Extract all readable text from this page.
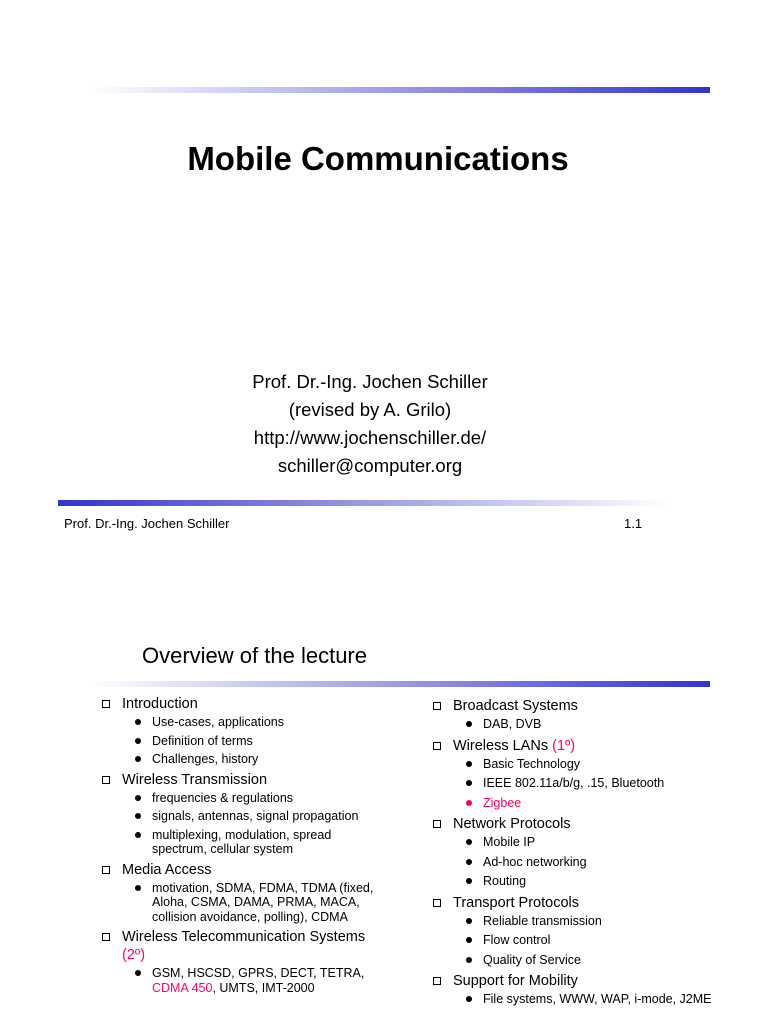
Mobile Communications
Prof. Dr.-Ing. Jochen Schiller
(revised by A. Grilo)
http://www.jochenschiller.de/
schiller@computer.org
Prof. Dr.-Ing. Jochen Schiller	1.1
Overview of the lecture
Introduction
Use-cases, applications
Definition of terms
Challenges, history
Wireless Transmission
frequencies & regulations
signals, antennas, signal propagation
multiplexing, modulation, spread spectrum, cellular system
Media Access
motivation, SDMA, FDMA, TDMA (fixed, Aloha, CSMA, DAMA, PRMA, MACA, collision avoidance, polling), CDMA
Wireless Telecommunication Systems (2º)
GSM, HSCSD, GPRS, DECT, TETRA, CDMA 450, UMTS, IMT-2000
Broadcast Systems
DAB, DVB
Wireless LANs (1º)
Basic Technology
IEEE 802.11a/b/g, .15, Bluetooth
Zigbee
Network Protocols
Mobile IP
Ad-hoc networking
Routing
Transport Protocols
Reliable transmission
Flow control
Quality of Service
Support for Mobility
File systems, WWW, WAP, i-mode, J2ME
